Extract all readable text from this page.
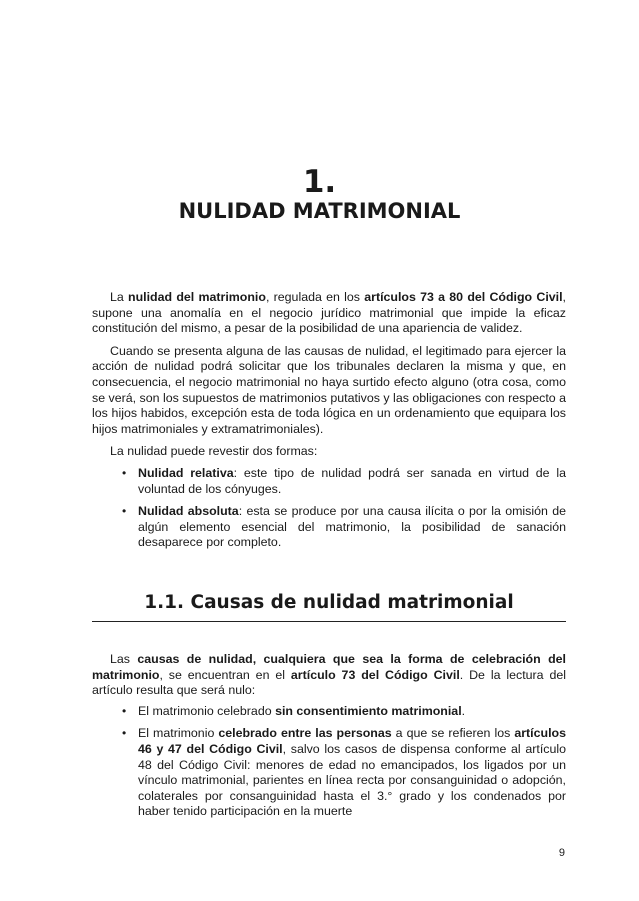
1.
NULIDAD MATRIMONIAL

La nulidad del matrimonio, regulada en los artículos 73 a 80 del Código Civil, supone una anomalía en el negocio jurídico matrimonial que impide la eficaz constitución del mismo, a pesar de la posibilidad de una apariencia de validez.

Cuando se presenta alguna de las causas de nulidad, el legitimado para ejercer la acción de nulidad podrá solicitar que los tribunales declaren la misma y que, en consecuencia, el negocio matrimonial no haya surtido efecto alguno (otra cosa, como se verá, son los supuestos de matrimonios putativos y las obligaciones con respecto a los hijos habidos, excepción esta de toda lógica en un ordenamiento que equipara los hijos matrimoniales y extramatrimoniales).

La nulidad puede revestir dos formas:

• Nulidad relativa: este tipo de nulidad podrá ser sanada en virtud de la voluntad de los cónyuges.
• Nulidad absoluta: esta se produce por una causa ilícita o por la omisión de algún elemento esencial del matrimonio, la posibilidad de sanación desaparece por completo.
1.1. Causas de nulidad matrimonial

Las causas de nulidad, cualquiera que sea la forma de celebración del matrimonio, se encuentran en el artículo 73 del Código Civil. De la lectura del artículo resulta que será nulo:

• El matrimonio celebrado sin consentimiento matrimonial.
• El matrimonio celebrado entre las personas a que se refieren los artículos 46 y 47 del Código Civil, salvo los casos de dispensa conforme al artículo 48 del Código Civil: menores de edad no emancipados, los ligados por un vínculo matrimonial, parientes en línea recta por consanguinidad o adopción, colaterales por consanguinidad hasta el 3.° grado y los condenados por haber tenido participación en la muerte
9
